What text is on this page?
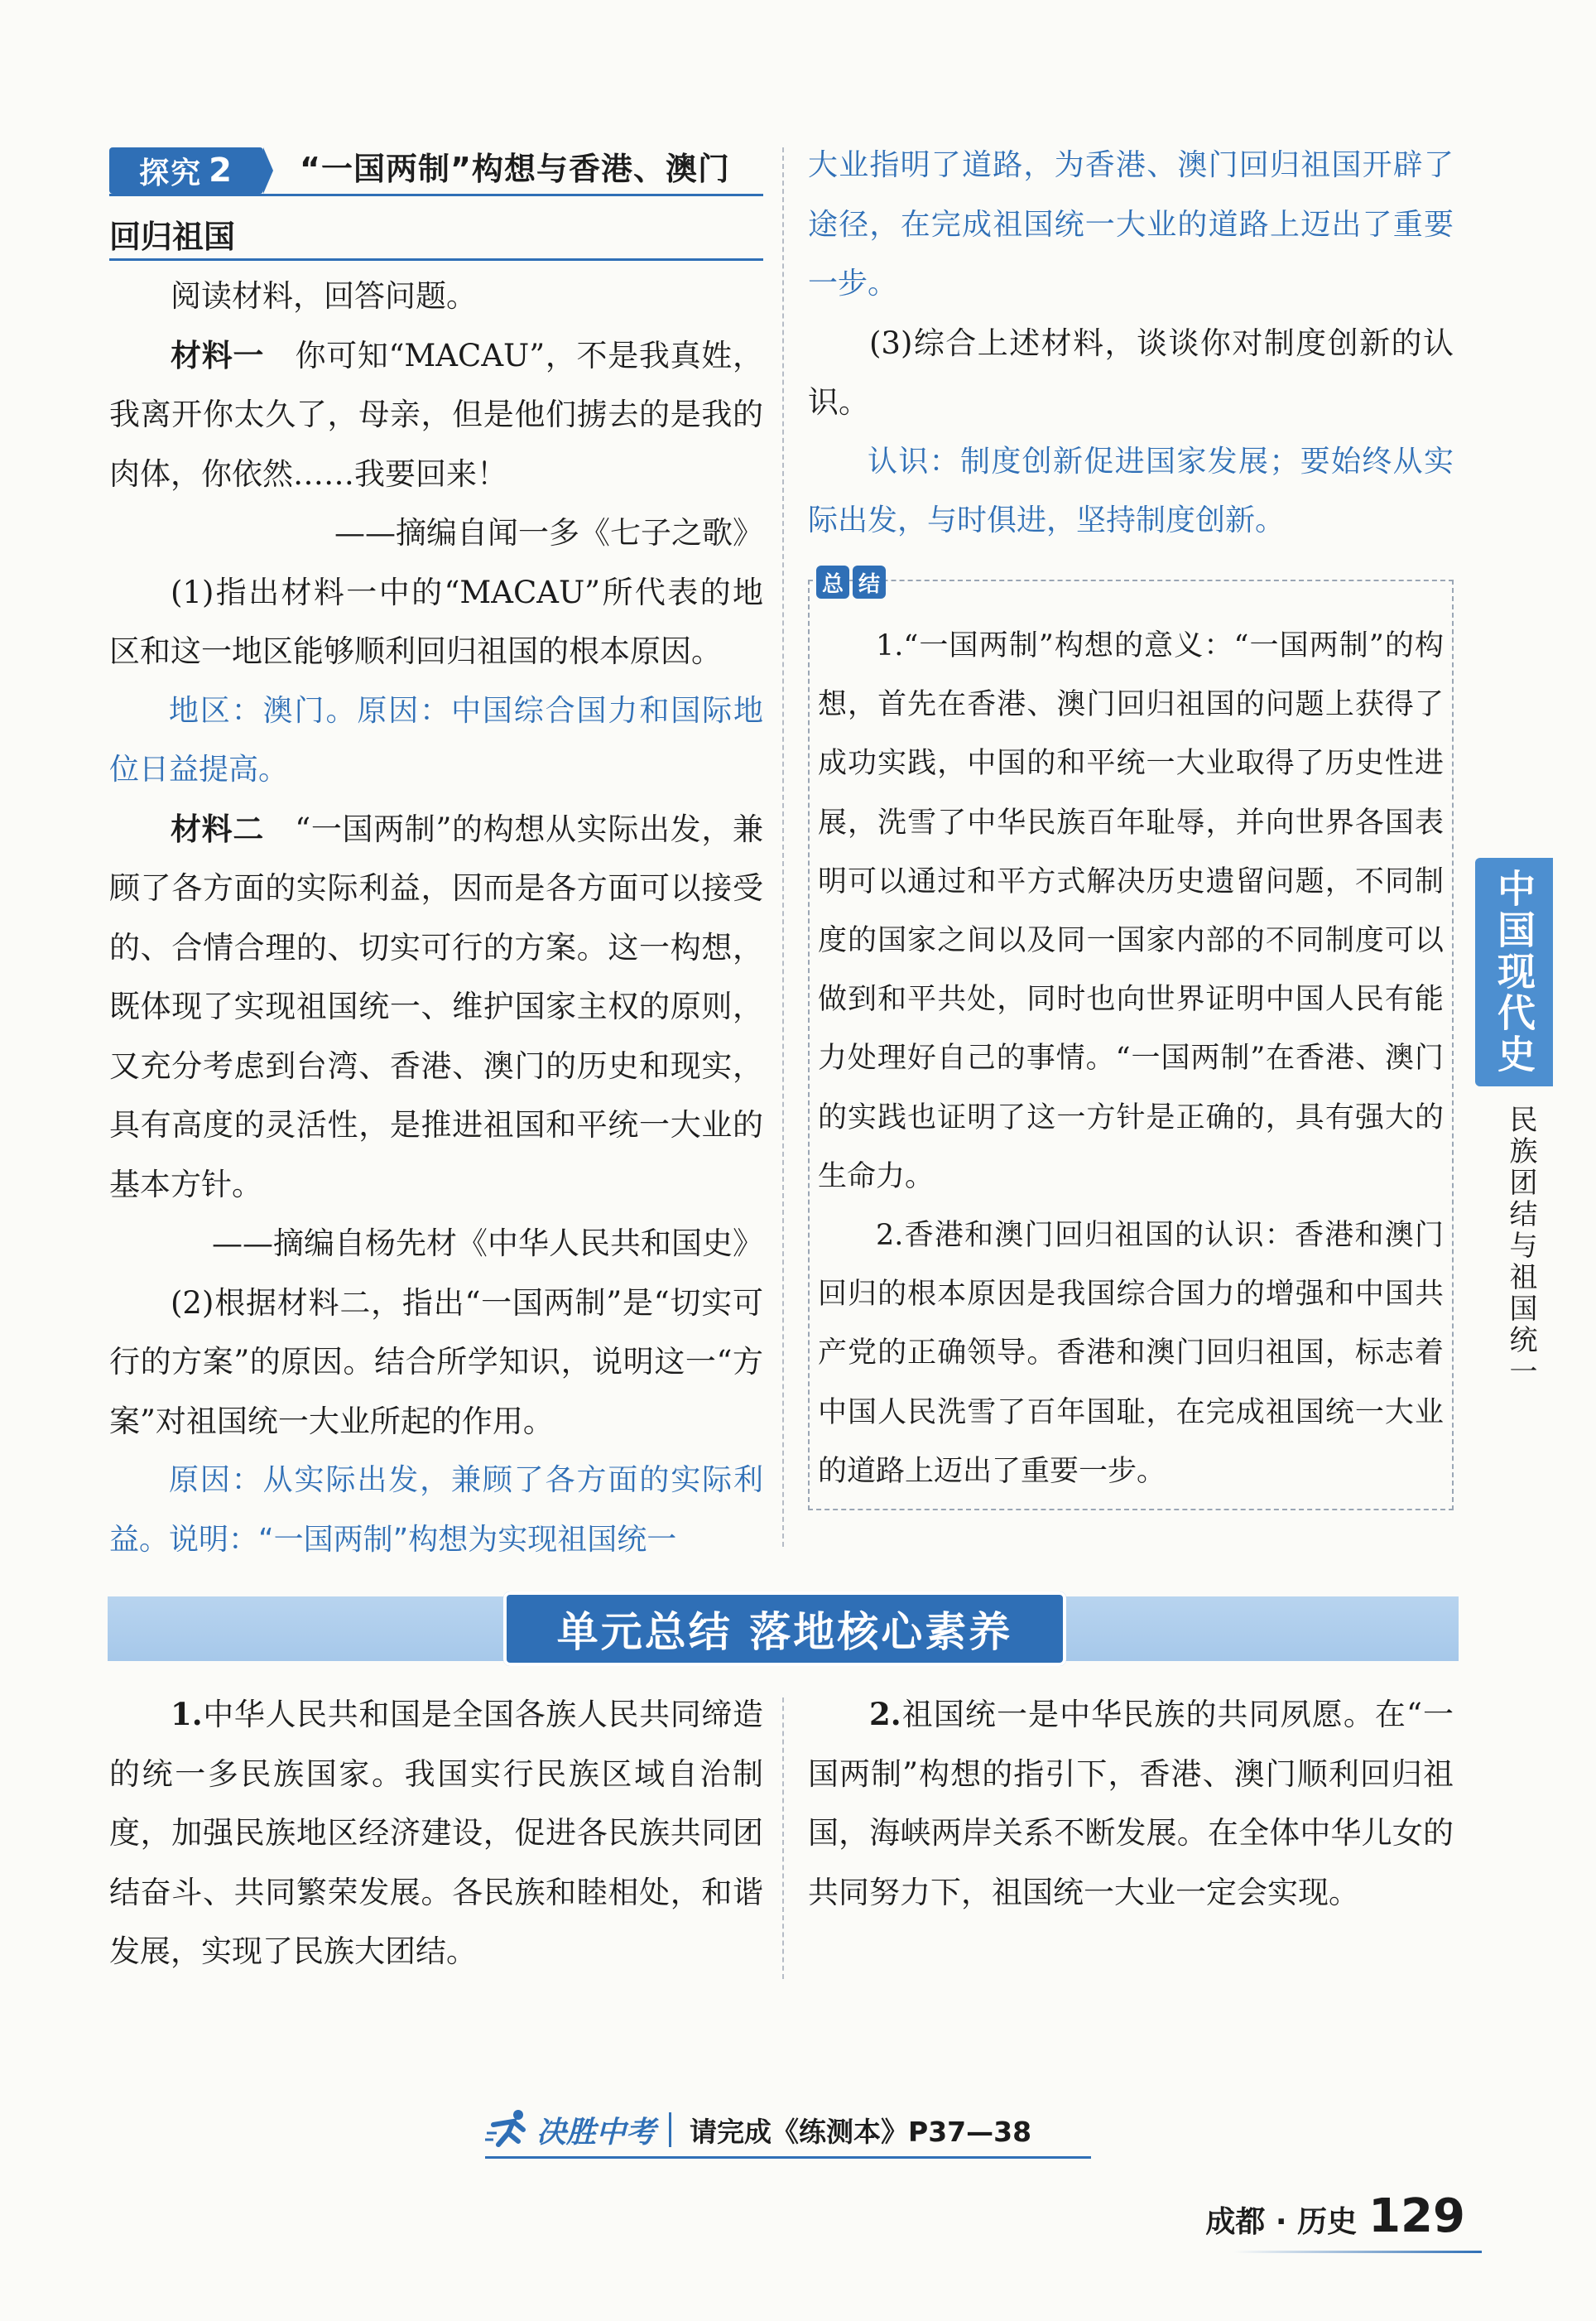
探究 2 “一国两制”构想与香港、澳门
回归祖国

阅读材料，回答问题。

材料一 你可知“MACAU”，不是我真姓，我离开你太久了，母亲，但是他们掳去的是我的肉体，你依然……我要回来！

——摘编自闻一多《七子之歌》

(1)指出材料一中的“MACAU”所代表的地区和这一地区能够顺利回归祖国的根本原因。

地区：澳门。原因：中国综合国力和国际地位日益提高。

材料二 “一国两制”的构想从实际出发，兼顾了各方面的实际利益，因而是各方面可以接受的、合情合理的、切实可行的方案。这一构想，既体现了实现祖国统一、维护国家主权的原则，又充分考虑到台湾、香港、澳门的历史和现实，具有高度的灵活性，是推进祖国和平统一大业的基本方针。

——摘编自杨先材《中华人民共和国史》

(2)根据材料二，指出“一国两制”是“切实可行的方案”的原因。结合所学知识，说明这一“方案”对祖国统一大业所起的作用。

原因：从实际出发，兼顾了各方面的实际利益。说明：“一国两制”构想为实现祖国统一

大业指明了道路，为香港、澳门回归祖国开辟了途径，在完成祖国统一大业的道路上迈出了重要一步。

(3)综合上述材料，谈谈你对制度创新的认识。

认识：制度创新促进国家发展；要始终从实际出发，与时俱进，坚持制度创新。

总 结

1.“一国两制”构想的意义：“一国两制”的构想，首先在香港、澳门回归祖国的问题上获得了成功实践，中国的和平统一大业取得了历史性进展，洗雪了中华民族百年耻辱，并向世界各国表明可以通过和平方式解决历史遗留问题，不同制度的国家之间以及同一国家内部的不同制度可以做到和平共处，同时也向世界证明中国人民有能力处理好自己的事情。“一国两制”在香港、澳门的实践也证明了这一方针是正确的，具有强大的生命力。

2.香港和澳门回归祖国的认识：香港和澳门回归的根本原因是我国综合国力的增强和中国共产党的正确领导。香港和澳门回归祖国，标志着中国人民洗雪了百年国耻，在完成祖国统一大业的道路上迈出了重要一步。

中国现代史
民族团结与祖国统一
单元总结 落地核心素养

1.中华人民共和国是全国各族人民共同缔造的统一多民族国家。我国实行民族区域自治制度，加强民族地区经济建设，促进各民族共同团结奋斗、共同繁荣发展。各民族和睦相处，和谐发展，实现了民族大团结。

2.祖国统一是中华民族的共同夙愿。在“一国两制”构想的指引下，香港、澳门顺利回归祖国，海峡两岸关系不断发展。在全体中华儿女的共同努力下，祖国统一大业一定会实现。

决胜中考 请完成《练测本》P37—38
成都 · 历史 129
